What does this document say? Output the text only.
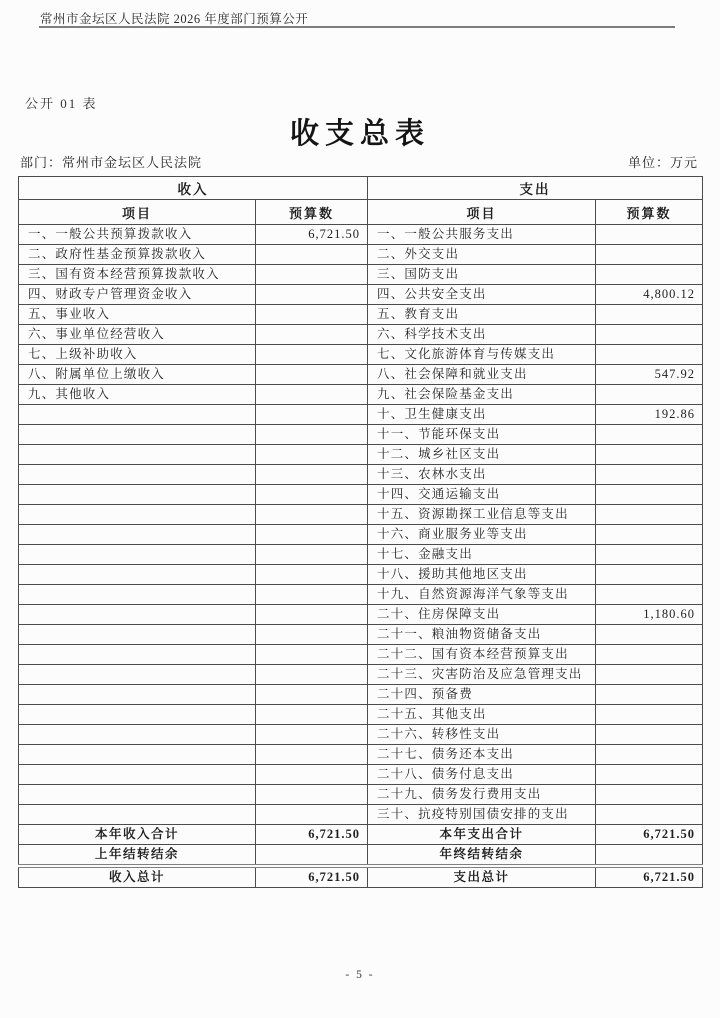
常州市金坛区人民法院 2026 年度部门预算公开
公开 01 表
收支总表
部门：常州市金坛区人民法院	单位：万元
收入		支出	
项目	预算数	项目	预算数
一、一般公共预算拨款收入	6,721.50	一、一般公共服务支出	
二、政府性基金预算拨款收入		二、外交支出	
三、国有资本经营预算拨款收入		三、国防支出	
四、财政专户管理资金收入		四、公共安全支出	4,800.12
五、事业收入		五、教育支出	
六、事业单位经营收入		六、科学技术支出	
七、上级补助收入		七、文化旅游体育与传媒支出	
八、附属单位上缴收入		八、社会保障和就业支出	547.92
九、其他收入		九、社会保险基金支出	
		十、卫生健康支出	192.86
		十一、节能环保支出	
		十二、城乡社区支出	
		十三、农林水支出	
		十四、交通运输支出	
		十五、资源勘探工业信息等支出	
		十六、商业服务业等支出	
		十七、金融支出	
		十八、援助其他地区支出	
		十九、自然资源海洋气象等支出	
		二十、住房保障支出	1,180.60
		二十一、粮油物资储备支出	
		二十二、国有资本经营预算支出	
		二十三、灾害防治及应急管理支出	
		二十四、预备费	
		二十五、其他支出	
		二十六、转移性支出	
		二十七、债务还本支出	
		二十八、债务付息支出	
		二十九、债务发行费用支出	
		三十、抗疫特别国债安排的支出	
本年收入合计	6,721.50	本年支出合计	6,721.50
上年结转结余		年终结转结余	
收入总计	6,721.50	支出总计	6,721.50
- 5 -
